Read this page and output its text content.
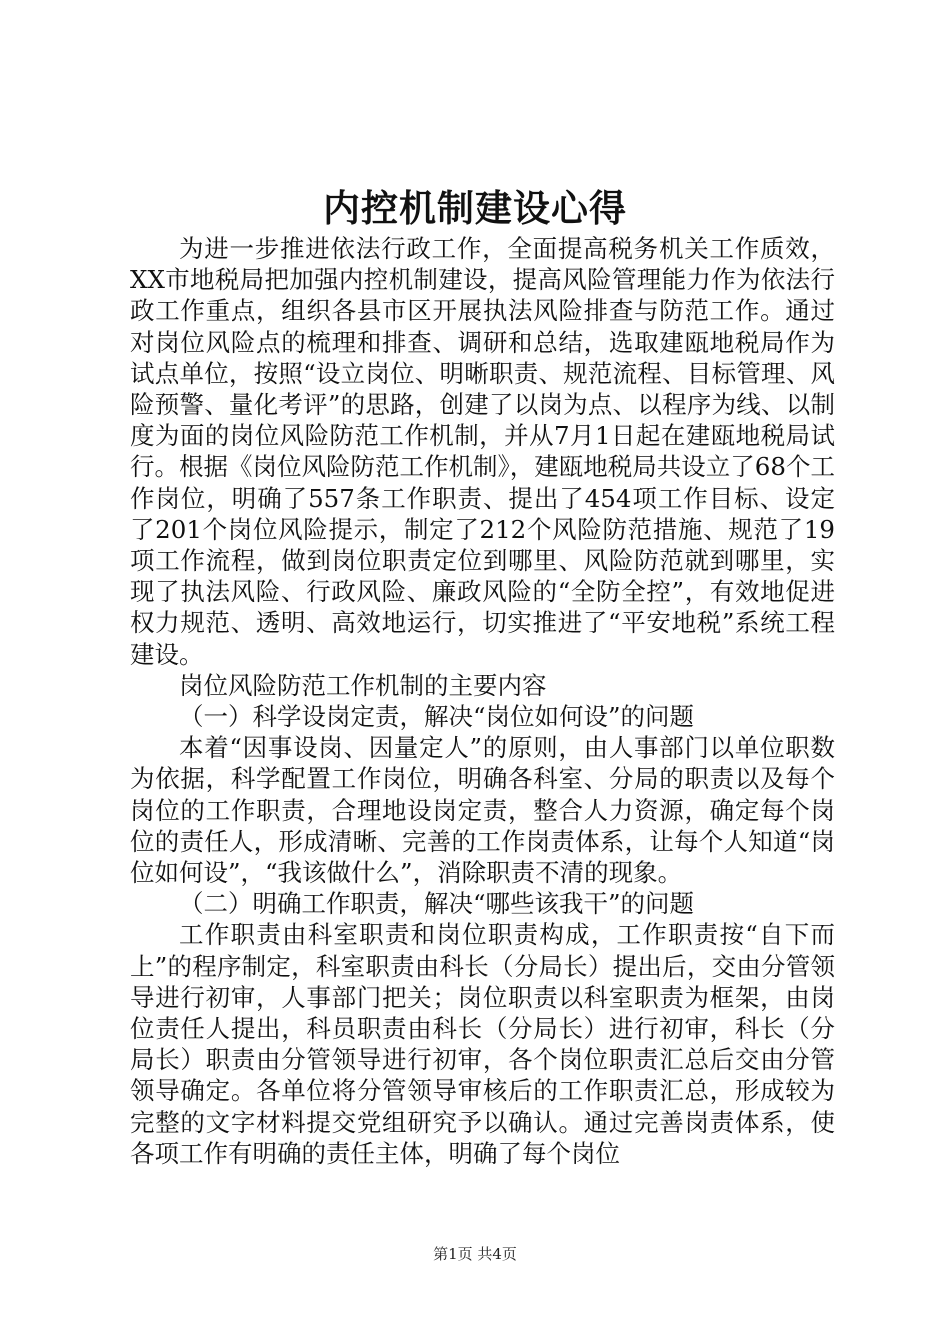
内控机制建设心得

为进一步推进依法行政工作，全面提高税务机关工作质效，XX市地税局把加强内控机制建设，提高风险管理能力作为依法行政工作重点，组织各县市区开展执法风险排查与防范工作。通过对岗位风险点的梳理和排查、调研和总结，选取建瓯地税局作为试点单位，按照“设立岗位、明晰职责、规范流程、目标管理、风险预警、量化考评”的思路，创建了以岗为点、以程序为线、以制度为面的岗位风险防范工作机制，并从7月1日起在建瓯地税局试行。根据《岗位风险防范工作机制》，建瓯地税局共设立了68个工作岗位，明确了557条工作职责、提出了454项工作目标、设定了201个岗位风险提示，制定了212个风险防范措施、规范了19项工作流程，做到岗位职责定位到哪里、风险防范就到哪里，实现了执法风险、行政风险、廉政风险的“全防全控”，有效地促进权力规范、透明、高效地运行，切实推进了“平安地税”系统工程建设。

岗位风险防范工作机制的主要内容

（一）科学设岗定责，解决“岗位如何设”的问题

本着“因事设岗、因量定人”的原则，由人事部门以单位职数为依据，科学配置工作岗位，明确各科室、分局的职责以及每个岗位的工作职责，合理地设岗定责，整合人力资源，确定每个岗位的责任人，形成清晰、完善的工作岗责体系，让每个人知道“岗位如何设”，“我该做什么”，消除职责不清的现象。

（二）明确工作职责，解决“哪些该我干”的问题

工作职责由科室职责和岗位职责构成，工作职责按“自下而上”的程序制定，科室职责由科长（分局长）提出后，交由分管领导进行初审，人事部门把关；岗位职责以科室职责为框架，由岗位责任人提出，科员职责由科长（分局长）进行初审，科长（分局长）职责由分管领导进行初审，各个岗位职责汇总后交由分管领导确定。各单位将分管领导审核后的工作职责汇总，形成较为完整的文字材料提交党组研究予以确认。通过完善岗责体系，使各项工作有明确的责任主体，明确了每个岗位

第1页 共4页
